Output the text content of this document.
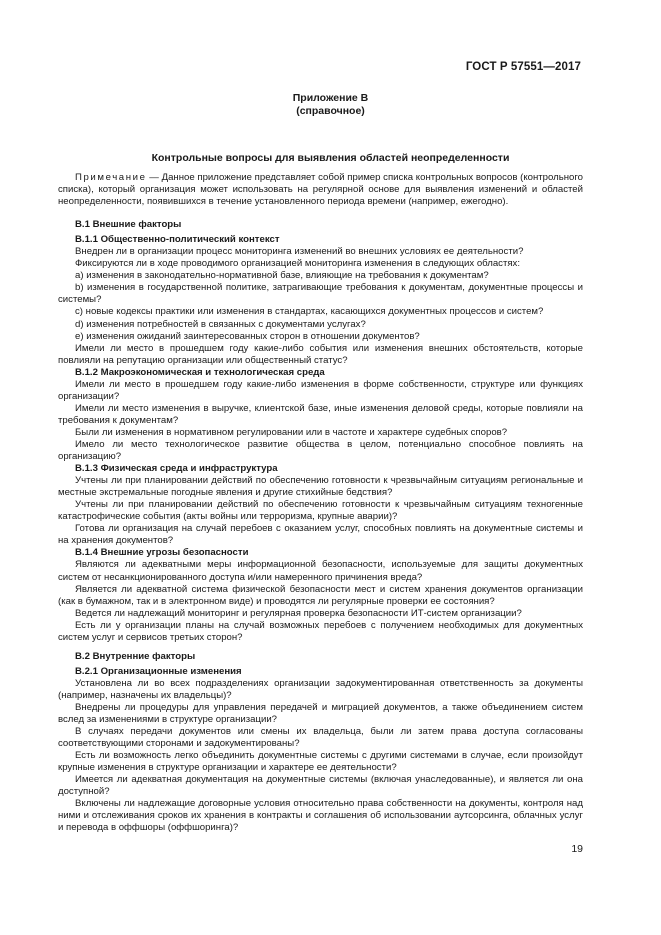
ГОСТ Р 57551—2017
Приложение В
(справочное)
Контрольные вопросы для выявления областей неопределенности

Примечание — Данное приложение представляет собой пример списка контрольных вопросов (контрольного списка), который организация может использовать на регулярной основе для выявления изменений и областей неопределенности, появившихся в течение установленного периода времени (например, ежегодно).

В.1 Внешние факторы
В.1.1 Общественно-политический контекст

Внедрен ли в организации процесс мониторинга изменений во внешних условиях ее деятельности?

Фиксируются ли в ходе проводимого организацией мониторинга изменения в следующих областях:

а) изменения в законодательно-нормативной базе, влияющие на требования к документам?

b) изменения в государственной политике, затрагивающие требования к документам, документные процессы и системы?

с) новые кодексы практики или изменения в стандартах, касающихся документных процессов и систем?

d) изменения потребностей в связанных с документами услугах?

е) изменения ожиданий заинтересованных сторон в отношении документов?

Имели ли место в прошедшем году какие-либо события или изменения внешних обстоятельств, которые повлияли на репутацию организации или общественный статус?

В.1.2 Макроэкономическая и технологическая среда

Имели ли место в прошедшем году какие-либо изменения в форме собственности, структуре или функциях организации?

Имели ли место изменения в выручке, клиентской базе, иные изменения деловой среды, которые повлияли на требования к документам?

Были ли изменения в нормативном регулировании или в частоте и характере судебных споров?

Имело ли место технологическое развитие общества в целом, потенциально способное повлиять на организацию?

В.1.3 Физическая среда и инфраструктура

Учтены ли при планировании действий по обеспечению готовности к чрезвычайным ситуациям региональные и местные экстремальные погодные явления и другие стихийные бедствия?

Учтены ли при планировании действий по обеспечению готовности к чрезвычайным ситуациям техногенные катастрофические события (акты войны или терроризма, крупные аварии)?

Готова ли организация на случай перебоев с оказанием услуг, способных повлиять на документные системы и на хранения документов?

В.1.4 Внешние угрозы безопасности

Являются ли адекватными меры информационной безопасности, используемые для защиты документных систем от несанкционированного доступа и/или намеренного причинения вреда?

Является ли адекватной система физической безопасности мест и систем хранения документов организации (как в бумажном, так и в электронном виде) и проводятся ли регулярные проверки ее состояния?

Ведется ли надлежащий мониторинг и регулярная проверка безопасности ИТ-систем организации?

Есть ли у организации планы на случай возможных перебоев с получением необходимых для документных систем услуг и сервисов третьих сторон?

В.2 Внутренние факторы
В.2.1 Организационные изменения

Установлена ли во всех подразделениях организации задокументированная ответственность за документы (например, назначены их владельцы)?

Внедрены ли процедуры для управления передачей и миграцией документов, а также объединением систем вслед за изменениями в структуре организации?

В случаях передачи документов или смены их владельца, были ли затем права доступа согласованы соответствующими сторонами и задокументированы?

Есть ли возможность легко объединить документные системы с другими системами в случае, если произойдут крупные изменения в структуре организации и характере ее деятельности?

Имеется ли адекватная документация на документные системы (включая унаследованные), и является ли она доступной?

Включены ли надлежащие договорные условия относительно права собственности на документы, контроля над ними и отслеживания сроков их хранения в контракты и соглашения об использовании аутсорсинга, облачных услуг и перевода в оффшоры (оффшоринга)?

19
